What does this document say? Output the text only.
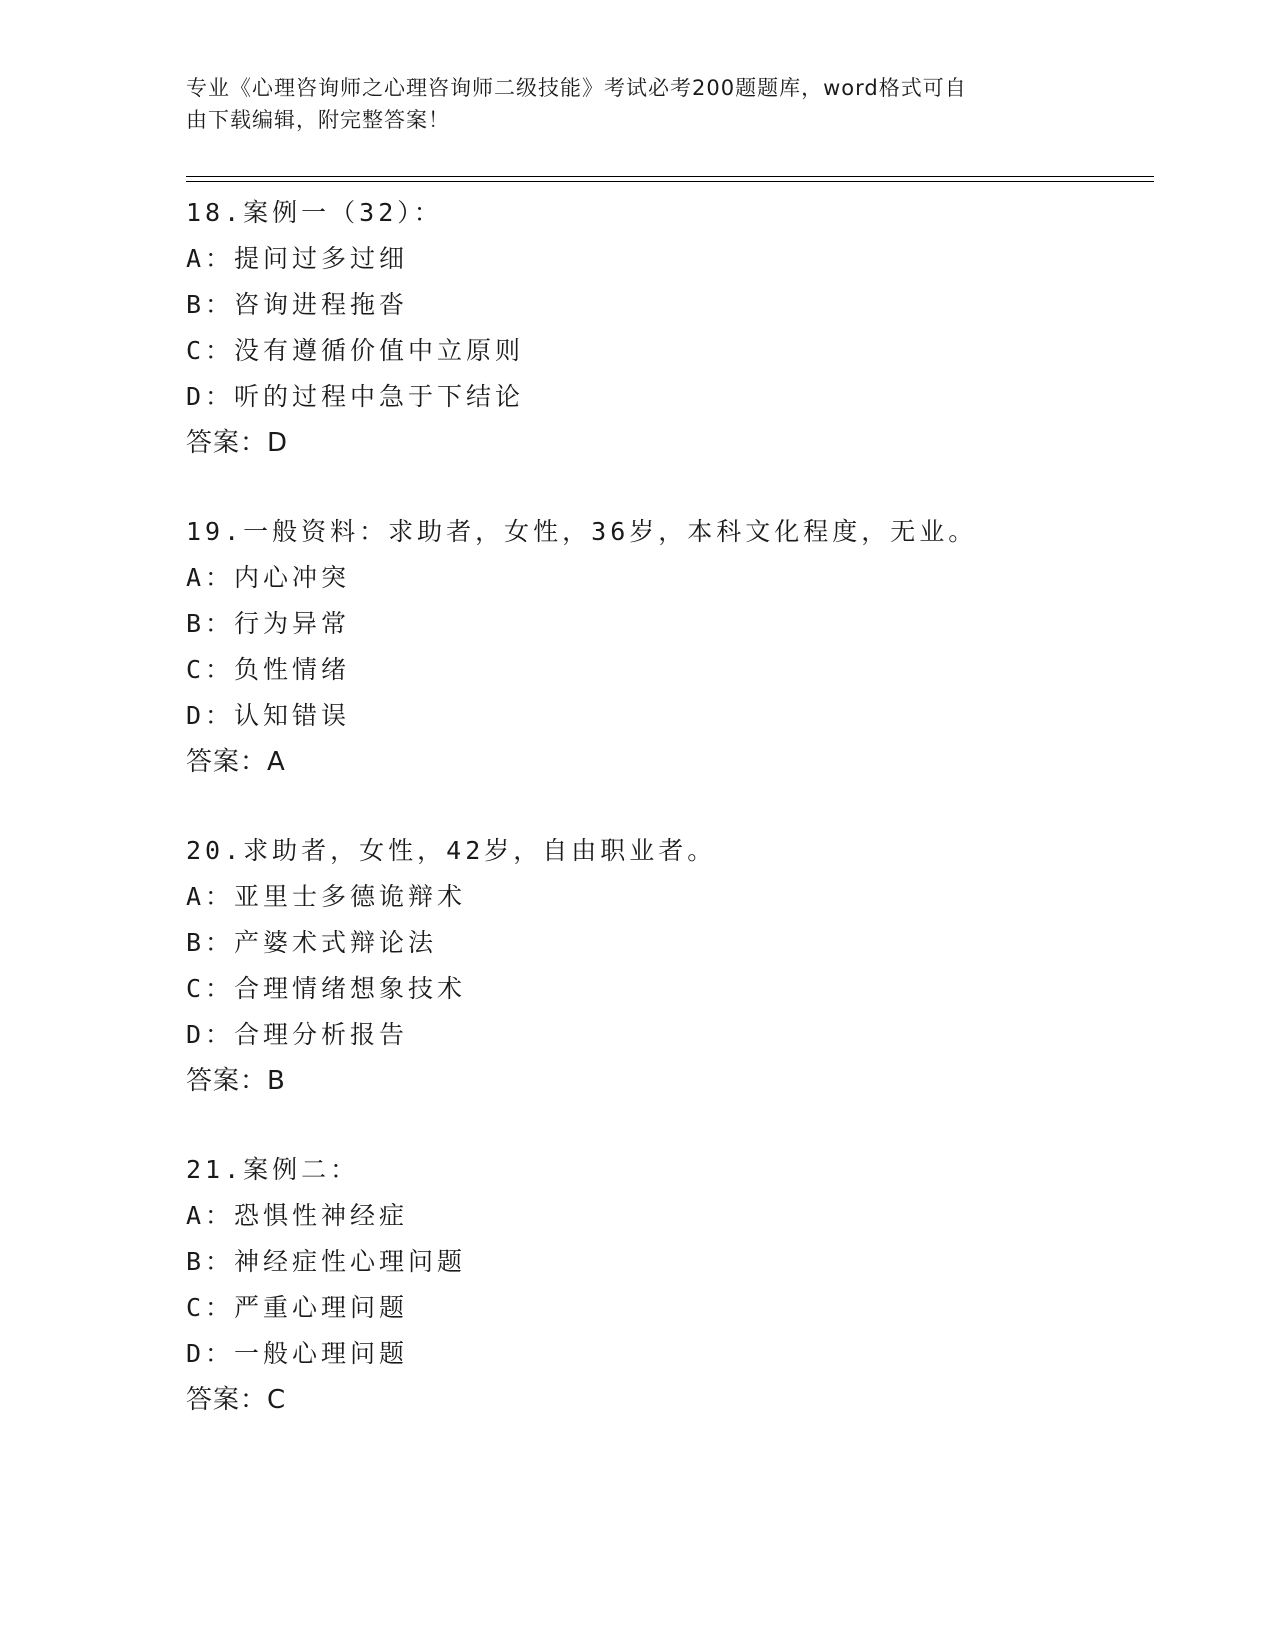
专业《心理咨询师之心理咨询师二级技能》考试必考200题题库，word格式可自
由下载编辑，附完整答案！
18.案例一（32）：
A：提问过多过细
B：咨询进程拖沓
C：没有遵循价值中立原则
D：听的过程中急于下结论
答案：D
19.一般资料：求助者，女性，36岁，本科文化程度，无业。
A：内心冲突
B：行为异常
C：负性情绪
D：认知错误
答案：A
20.求助者，女性，42岁，自由职业者。
A：亚里士多德诡辩术
B：产婆术式辩论法
C：合理情绪想象技术
D：合理分析报告
答案：B
21.案例二：
A：恐惧性神经症
B：神经症性心理问题
C：严重心理问题
D：一般心理问题
答案：C
